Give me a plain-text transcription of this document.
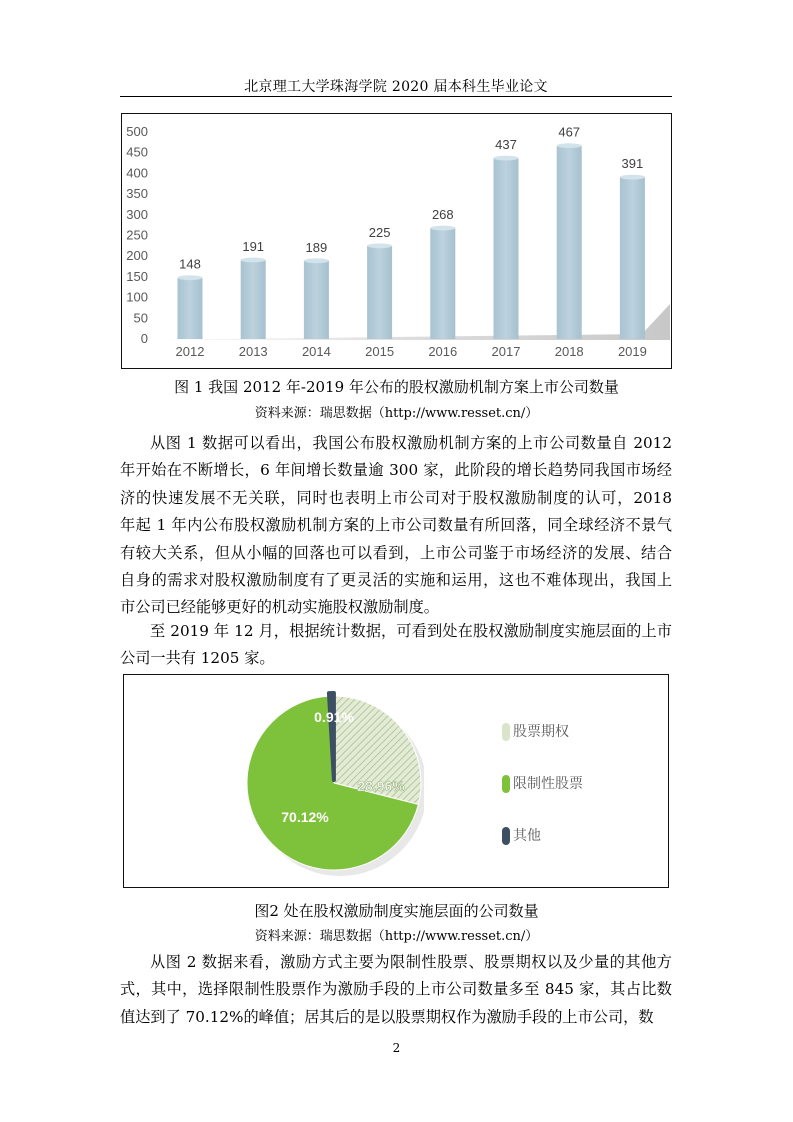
北京理工大学珠海学院 2020 届本科生毕业论文
0
50
100
150
200
250
300
350
400
450
500
148
191	189
225
268
437
467
391
2012	2013	2014	2015	2016	2017	2018	2019
图 1 我国 2012 年-2019 年公布的股权激励机制方案上市公司数量
资料来源：瑞思数据（http://www.resset.cn/）
从图 1 数据可以看出，我国公布股权激励机制方案的上市公司数量自 2012
年开始在不断增长，6 年间增长数量逾 300 家，此阶段的增长趋势同我国市场经
济的快速发展不无关联，同时也表明上市公司对于股权激励制度的认可，2018
年起 1 年内公布股权激励机制方案的上市公司数量有所回落，同全球经济不景气
有较大关系，但从小幅的回落也可以看到，上市公司鉴于市场经济的发展、结合
自身的需求对股权激励制度有了更灵活的实施和运用，这也不难体现出，我国上
市公司已经能够更好的机动实施股权激励制度。
至 2019 年 12 月，根据统计数据，可看到处在股权激励制度实施层面的上市
公司一共有 1205 家。
28.96%
70.12%
0.91%
股票期权
限制性股票
其他
图2 处在股权激励制度实施层面的公司数量
资料来源：瑞思数据（http://www.resset.cn/）
从图 2 数据来看，激励方式主要为限制性股票、股票期权以及少量的其他方
式，其中，选择限制性股票作为激励手段的上市公司数量多至 845 家，其占比数
值达到了 70.12%的峰值；居其后的是以股票期权作为激励手段的上市公司，数
2
